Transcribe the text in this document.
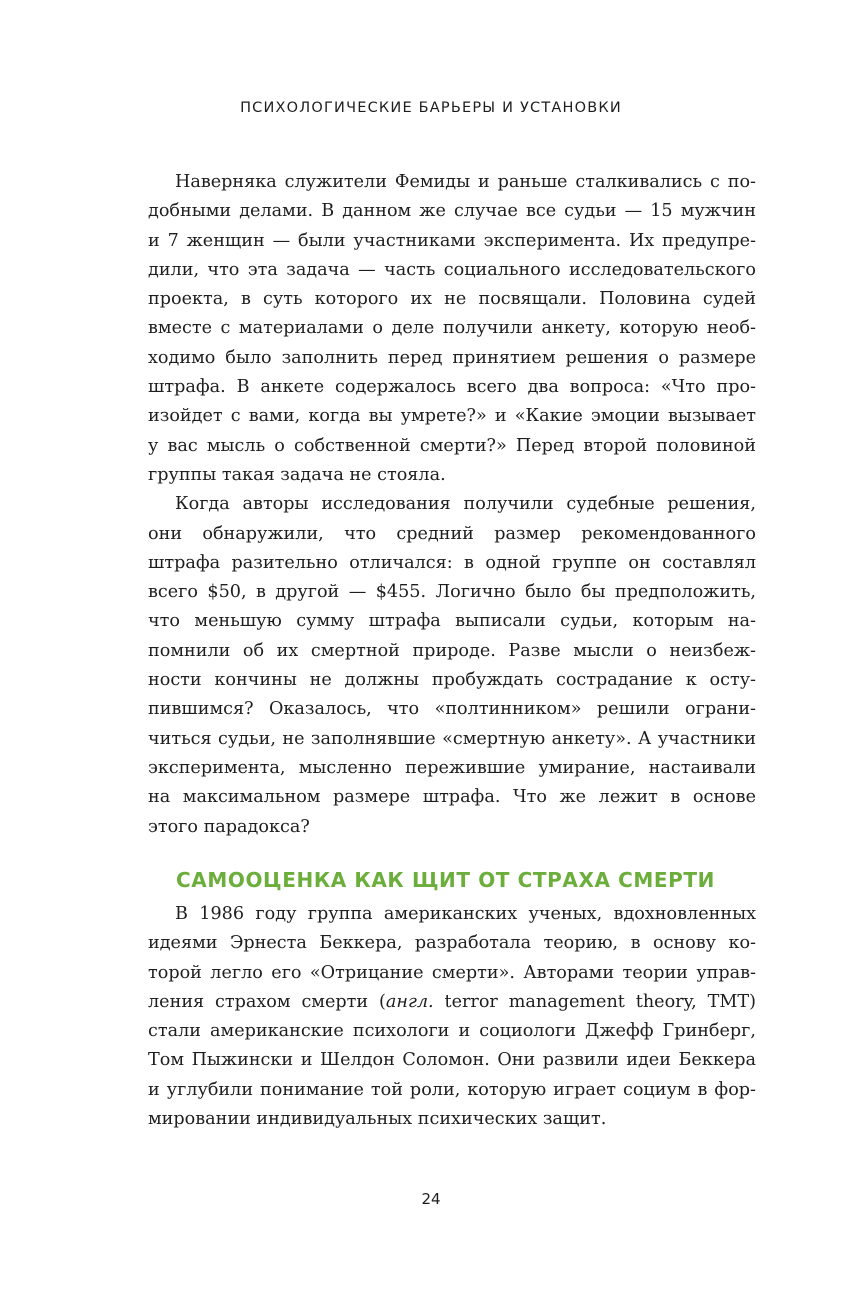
ПСИХОЛОГИЧЕСКИЕ БАРЬЕРЫ И УСТАНОВКИ

Наверняка служители Фемиды и раньше сталкивались с по-
добными делами. В данном же случае все судьи — 15 мужчин
и 7 женщин — были участниками эксперимента. Их предупре-
дили, что эта задача — часть социального исследовательского
проекта, в суть которого их не посвящали. Половина судей
вместе с материалами о деле получили анкету, которую необ-
ходимо было заполнить перед принятием решения о размере
штрафа. В анкете содержалось всего два вопроса: «Что про-
изойдет с вами, когда вы умрете?» и «Какие эмоции вызывает
у вас мысль о собственной смерти?» Перед второй половиной
группы такая задача не стояла.

Когда авторы исследования получили судебные решения,
они обнаружили, что средний размер рекомендованного
штрафа разительно отличался: в одной группе он составлял
всего $50, в другой — $455. Логично было бы предположить,
что меньшую сумму штрафа выписали судьи, которым на-
помнили об их смертной природе. Разве мысли о неизбеж-
ности кончины не должны пробуждать сострадание к осту-
пившимся? Оказалось, что «полтинником» решили ограни-
читься судьи, не заполнявшие «смертную анкету». А участники
эксперимента, мысленно пережившие умирание, настаивали
на максимальном размере штрафа. Что же лежит в основе
этого парадокса?

САМООЦЕНКА КАК ЩИТ ОТ СТРАХА СМЕРТИ

В 1986 году группа американских ученых, вдохновленных
идеями Эрнеста Беккера, разработала теорию, в основу ко-
торой легло его «Отрицание смерти». Авторами теории управ-
ления страхом смерти (англ. terror management theory, TMT)
стали американские психологи и социологи Джефф Гринберг,
Том Пыжински и Шелдон Соломон. Они развили идеи Беккера
и углубили понимание той роли, которую играет социум в фор-
мировании индивидуальных психических защит.

24
